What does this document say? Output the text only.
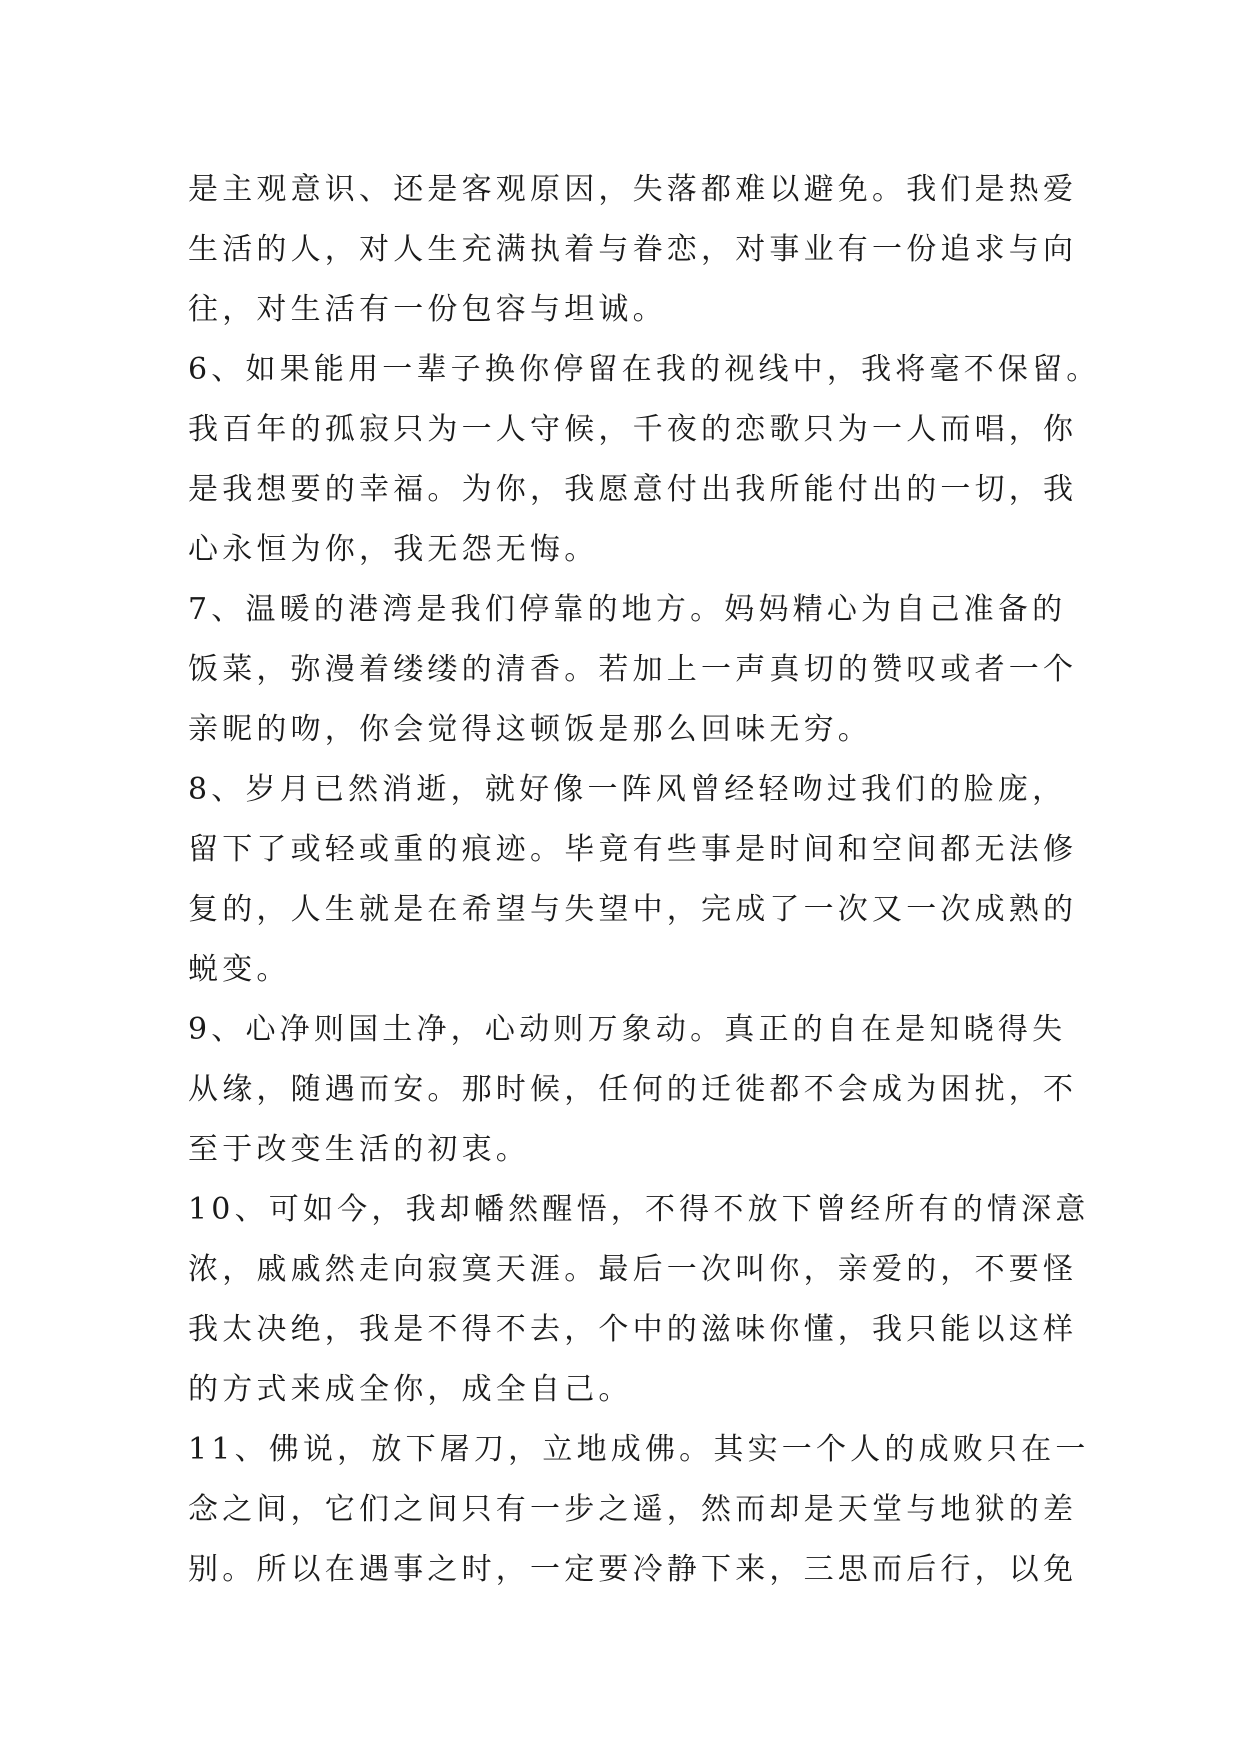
是主观意识、还是客观原因，失落都难以避免。我们是热爱
生活的人，对人生充满执着与眷恋，对事业有一份追求与向
往，对生活有一份包容与坦诚。
6、如果能用一辈子换你停留在我的视线中，我将毫不保留。
我百年的孤寂只为一人守候，千夜的恋歌只为一人而唱，你
是我想要的幸福。为你，我愿意付出我所能付出的一切，我
心永恒为你，我无怨无悔。
7、温暖的港湾是我们停靠的地方。妈妈精心为自己准备的
饭菜，弥漫着缕缕的清香。若加上一声真切的赞叹或者一个
亲昵的吻，你会觉得这顿饭是那么回味无穷。
8、岁月已然消逝，就好像一阵风曾经轻吻过我们的脸庞，
留下了或轻或重的痕迹。毕竟有些事是时间和空间都无法修
复的，人生就是在希望与失望中，完成了一次又一次成熟的
蜕变。
9、心净则国土净，心动则万象动。真正的自在是知晓得失
从缘，随遇而安。那时候，任何的迁徙都不会成为困扰，不
至于改变生活的初衷。
10、可如今，我却幡然醒悟，不得不放下曾经所有的情深意
浓，戚戚然走向寂寞天涯。最后一次叫你，亲爱的，不要怪
我太决绝，我是不得不去，个中的滋味你懂，我只能以这样
的方式来成全你，成全自己。
11、佛说，放下屠刀，立地成佛。其实一个人的成败只在一
念之间，它们之间只有一步之遥，然而却是天堂与地狱的差
别。所以在遇事之时，一定要冷静下来，三思而后行，以免
